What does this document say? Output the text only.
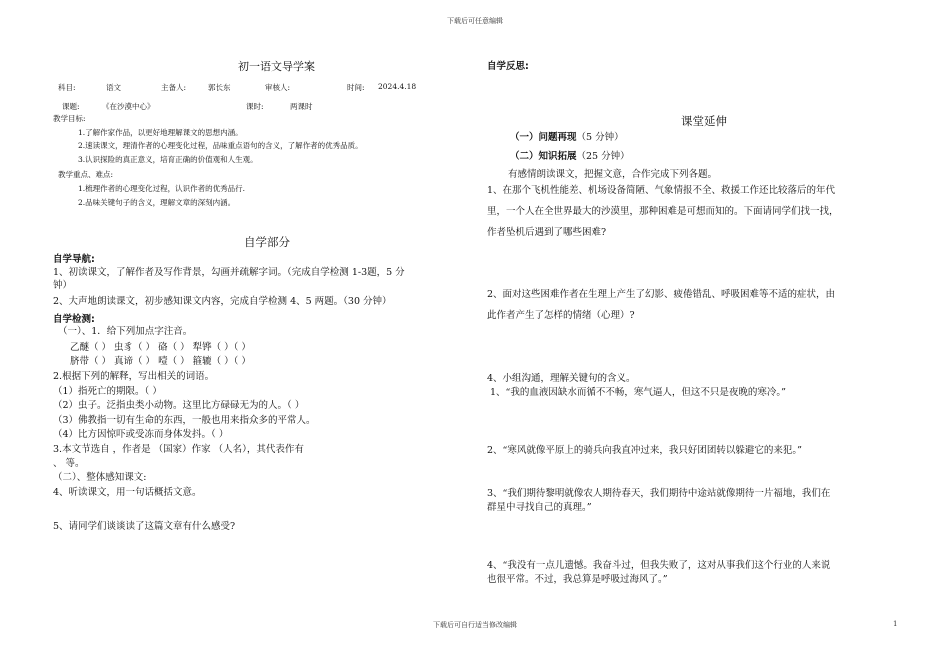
下载后可任意编辑
下载后可自行适当修改编辑	1
初一语文导学案
科目:	语文	主备人:	郭长东	审核人:	时间: 2024.4.18
课题:	《在沙漠中心》	课时:	两课时
教学目标:
1.了解作家作品，以更好地理解课文的思想内涵。
2.速读课文，理清作者的心理变化过程，品味重点语句的含义，了解作者的优秀品质。
3.认识探险的真正意义，培育正确的价值观和人生观。
教学重点、难点:
1.梳理作者的心理变化过程，认识作者的优秀品行.
2.品味关键句子的含义，理解文章的深刻内涵。
自学部分
自学导航:
1、初读课文，了解作者及写作背景，勾画并疏解字词。（完成自学检测 1-3题，5 分
钟）
2、大声地朗读课文，初步感知课文内容，完成自学检测 4、5 两题。（30 分钟）
自学检测:
（一）、1．给下列加点字注音。
乙醚（ ） 虫豸（ ） 硌（ ） 犁铧（ ）（ ）
脐带（ ） 真谛（ ） 噎（ ） 箍辘（ ）（ ）
2.根据下列的解释，写出相关的词语。
（1）指死亡的期限。（ ）
（2）虫子。泛指虫类小动物。这里比方碌碌无为的人。（ ）
（3）佛教指一切有生命的东西，一般也用来指众多的平常人。
（4）比方因惊吓或受冻而身体发抖。（ ）
3.本文节选自 ，作者是 （国家）作家 （人名），其代表作有
、 等。
（二）、整体感知课文:
4、听读课文，用一句话概括文意。
5、请同学们谈谈读了这篇文章有什么感受?
自学反思:
课堂延伸
（一）问题再现（5 分钟）
（二）知识拓展（25 分钟）
有感情朗读课文，把握文意，合作完成下列各题。
1、在那个飞机性能差、机场设备简陋、气象情报不全、救援工作还比较落后的年代
里，一个人在全世界最大的沙漠里，那种困难是可想而知的。下面请同学们找一找，
作者坠机后遇到了哪些困难?
2、面对这些困难作者在生理上产生了幻影、疲倦错乱、呼吸困难等不适的症状，由
此作者产生了怎样的情绪（心理）?
4、小组沟通，理解关键句的含义。
1、“我的血液因缺水而循不不畅，寒气逼人，但这不只是夜晚的寒冷。”
2、“寒风就像平原上的骑兵向我直冲过来，我只好团团转以躲避它的来犯。”
3、“我们期待黎明就像农人期待春天，我们期待中途站就像期待一片福地，我们在
群星中寻找自己的真理。”
4、“我没有一点儿遗憾。我奋斗过，但我失败了，这对从事我们这个行业的人来说
也很平常。不过，我总算是呼吸过海风了。”
